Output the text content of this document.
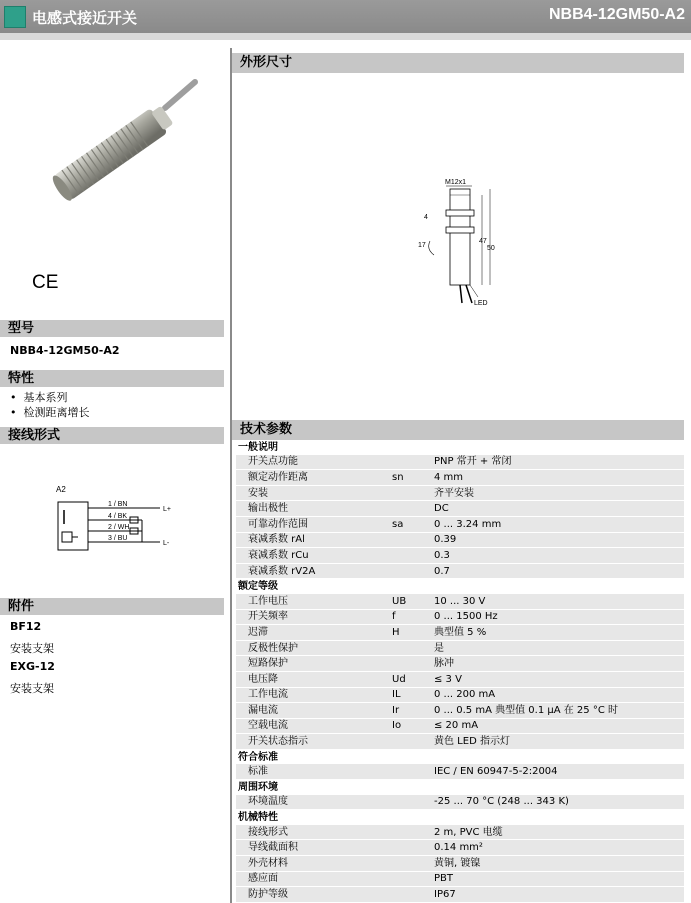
电感式接近开关	NBB4-12GM50-A2
CE
型号
NBB4-12GM50-A2
特性
•  基本系列
•  检测距离增长
接线形式
A2
1 / BN
4 / BK
2 / WH
3 / BU
L+
L-
附件
BF12
安装支架
EXG-12
安装支架
外形尺寸
M12x1
4
17
47
50
LED
技术参数
一般说明		
开关点功能		PNP 常开 + 常闭
额定动作距离	sn	4 mm
安装		齐平安装
输出极性		DC
可靠动作范围	sa	0 ... 3.24 mm
衰减系数 rAl		0.39
衰减系数 rCu		0.3
衰减系数 rV2A		0.7
额定等级		
工作电压	UB	10 ... 30 V
开关频率	f	0 ... 1500 Hz
迟滞	H	典型值 5 %
反极性保护		是
短路保护		脉冲
电压降	Ud	≤ 3 V
工作电流	IL	0 ... 200 mA
漏电流	Ir	0 ... 0.5 mA 典型值 0.1 µA 在 25 °C 时
空载电流	Io	≤ 20 mA
开关状态指示		黄色 LED 指示灯
符合标准		
标准		IEC / EN 60947-5-2:2004
周围环境		
环境温度		-25 ... 70 °C (248 ... 343 K)
机械特性		
接线形式		2 m, PVC 电缆
导线截面积		0.14 mm²
外壳材料		黄铜, 镀镍
感应面		PBT
防护等级		IP67
